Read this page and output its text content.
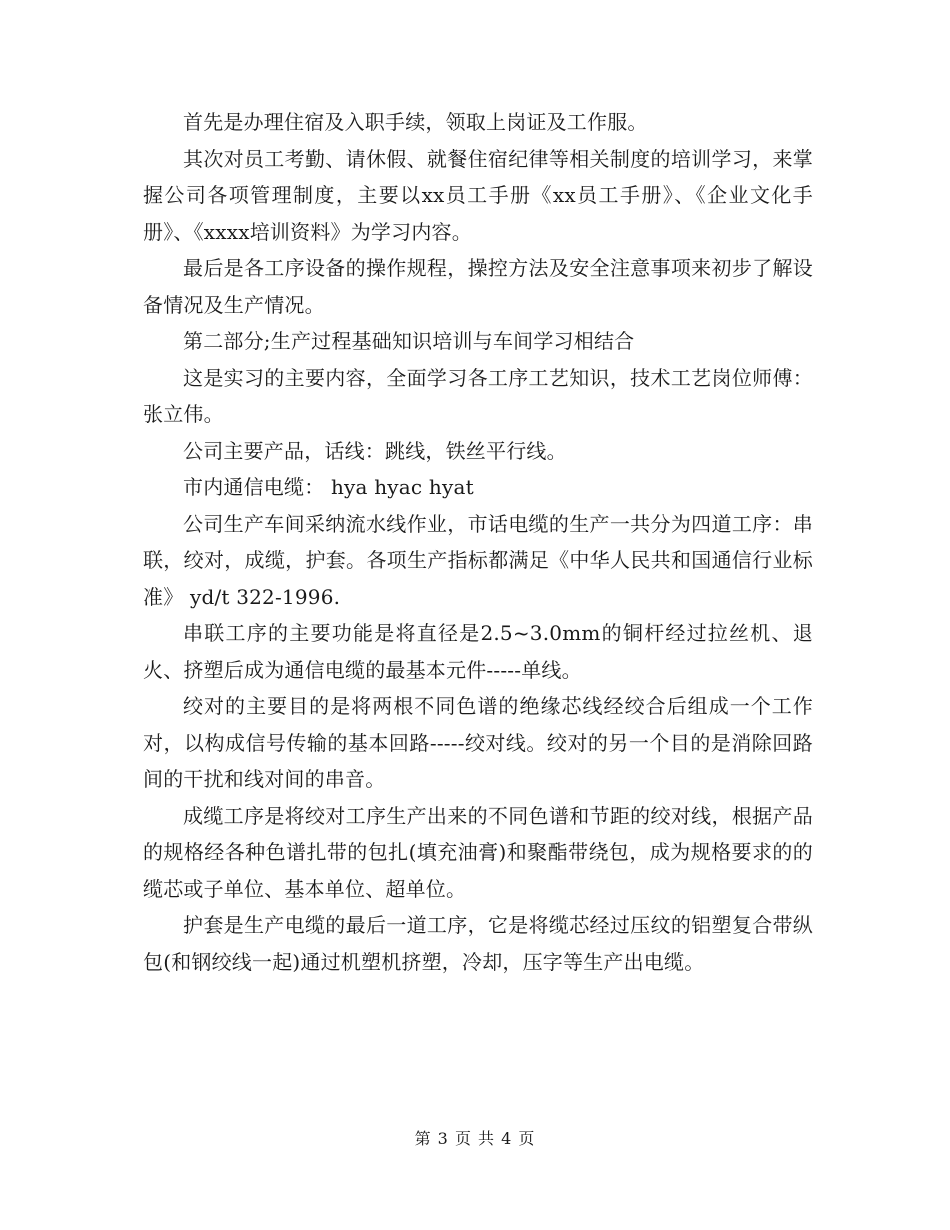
首先是办理住宿及入职手续，领取上岗证及工作服。

其次对员工考勤、请休假、就餐住宿纪律等相关制度的培训学习，来掌握公司各项管理制度，主要以xx员工手册《xx员工手册》、《企业文化手册》、《xxxx培训资料》为学习内容。

最后是各工序设备的操作规程，操控方法及安全注意事项来初步了解设备情况及生产情况。

第二部分;生产过程基础知识培训与车间学习相结合

这是实习的主要内容，全面学习各工序工艺知识，技术工艺岗位师傅：张立伟。

公司主要产品，话线：跳线，铁丝平行线。

市内通信电缆： hya hyac hyat

公司生产车间采纳流水线作业，市话电缆的生产一共分为四道工序：串联，绞对，成缆，护套。各项生产指标都满足《中华人民共和国通信行业标准》 yd/t 322-1996.

串联工序的主要功能是将直径是2.5~3.0mm的铜杆经过拉丝机、退火、挤塑后成为通信电缆的最基本元件-----单线。

绞对的主要目的是将两根不同色谱的绝缘芯线经绞合后组成一个工作对，以构成信号传输的基本回路-----绞对线。绞对的另一个目的是消除回路间的干扰和线对间的串音。

成缆工序是将绞对工序生产出来的不同色谱和节距的绞对线，根据产品的规格经各种色谱扎带的包扎(填充油膏)和聚酯带绕包，成为规格要求的的缆芯或子单位、基本单位、超单位。

护套是生产电缆的最后一道工序，它是将缆芯经过压纹的铝塑复合带纵包(和钢绞线一起)通过机塑机挤塑，冷却，压字等生产出电缆。

第 3 页 共 4 页
